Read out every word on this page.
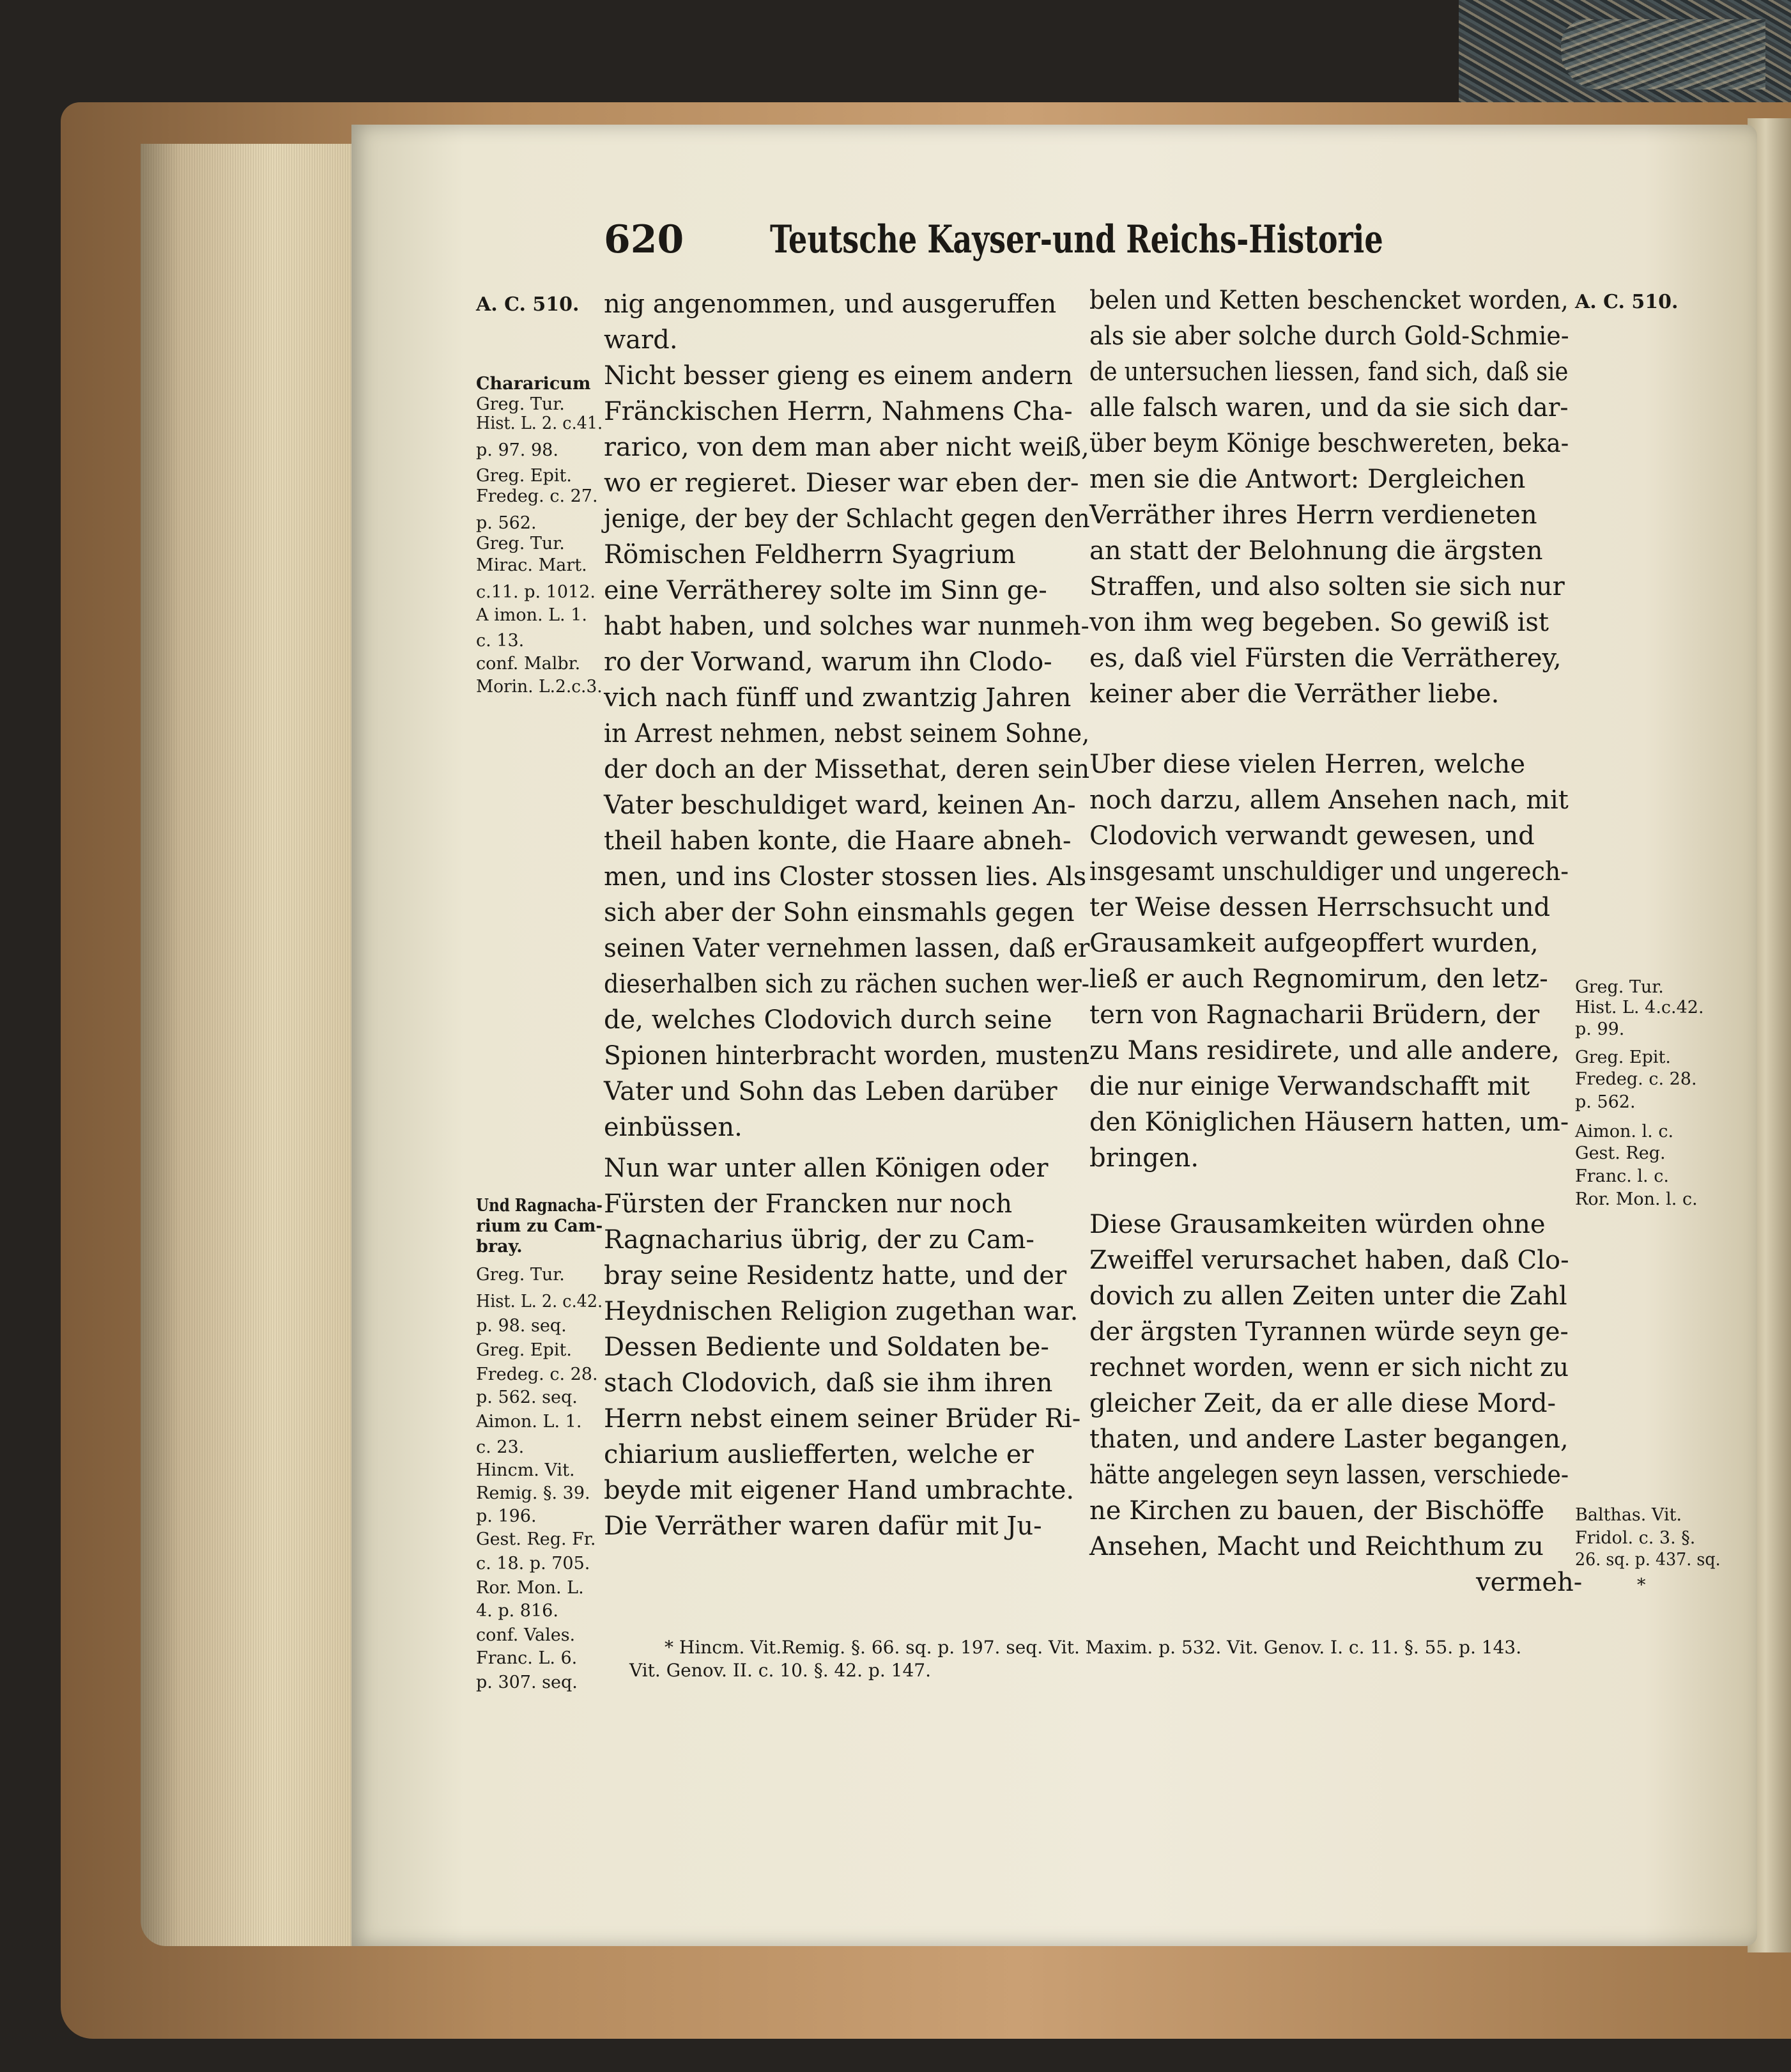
620 Teutsche Kayser-und Reichs-Historie
A. C. 510.
Chararicum
Greg. Tur.
Hist. L. 2. c.41.
p. 97. 98.
Greg. Epit.
Fredeg. c. 27.
p. 562.
Greg. Tur.
Mirac. Mart.
c.11. p. 1012.
A imon. L. 1.
c. 13.
conf. Malbr.
Morin. L.2.c.3.
Und Ragnacha-
rium zu Cam-
bray.
Greg. Tur.
Hist. L. 2. c.42.
p. 98. seq.
Greg. Epit.
Fredeg. c. 28.
p. 562. seq.
Aimon. L. 1.
c. 23.
Hincm. Vit.
Remig. §. 39.
p. 196.
Gest. Reg. Fr.
c. 18. p. 705.
Ror. Mon. L.
4. p. 816.
conf. Vales.
Franc. L. 6.
p. 307. seq.
A. C. 510.
Greg. Tur.
Hist. L. 4.c.42.
p. 99.
Greg. Epit.
Fredeg. c. 28.
p. 562.
Aimon. l. c.
Gest. Reg.
Franc. l. c.
Ror. Mon. l. c.
Balthas. Vit.
Fridol. c. 3. §.
26. sq. p. 437. sq.
*
nig angenommen, und ausgeruffen
ward.
Nicht besser gieng es einem andern
Fränckischen Herrn, Nahmens Cha-
rarico, von dem man aber nicht weiß,
wo er regieret. Dieser war eben der-
jenige, der bey der Schlacht gegen den
Römischen Feldherrn Syagrium
eine Verrätherey solte im Sinn ge-
habt haben, und solches war nunmeh-
ro der Vorwand, warum ihn Clodo-
vich nach fünff und zwantzig Jahren
in Arrest nehmen, nebst seinem Sohne,
der doch an der Missethat, deren sein
Vater beschuldiget ward, keinen An-
theil haben konte, die Haare abneh-
men, und ins Closter stossen lies. Als
sich aber der Sohn einsmahls gegen
seinen Vater vernehmen lassen, daß er
dieserhalben sich zu rächen suchen wer-
de, welches Clodovich durch seine
Spionen hinterbracht worden, musten
Vater und Sohn das Leben darüber
einbüssen.
Nun war unter allen Königen oder
Fürsten der Francken nur noch
Ragnacharius übrig, der zu Cam-
bray seine Residentz hatte, und der
Heydnischen Religion zugethan war.
Dessen Bediente und Soldaten be-
stach Clodovich, daß sie ihm ihren
Herrn nebst einem seiner Brüder Ri-
chiarium auslieffertеn, welche er
beyde mit eigener Hand umbrachte.
Die Verräther waren dafür mit Ju-
belen und Ketten beschencket worden,
als sie aber solche durch Gold-Schmie-
de untersuchen liessen, fand sich, daß sie
alle falsch waren, und da sie sich dar-
über beym Könige beschwereten, beka-
men sie die Antwort: Dergleichen
Verräther ihres Herrn verdieneten
an statt der Belohnung die ärgsten
Straffen, und also solten sie sich nur
von ihm weg begeben. So gewiß ist
es, daß viel Fürsten die Verrätherey,
keiner aber die Verräther liebe.
Uber diese vielen Herren, welche
noch darzu, allem Ansehen nach, mit
Clodovich verwandt gewesen, und
insgesamt unschuldiger und ungerech-
ter Weise dessen Herrschsucht und
Grausamkeit aufgeopffert wurden,
ließ er auch Regnomirum, den letz-
tern von Ragnacharii Brüdern, der
zu Mans residirete, und alle andere,
die nur einige Verwandschafft mit
den Königlichen Häusern hatten, um-
bringen.
Diese Grausamkeiten würden ohne
Zweiffel verursachet haben, daß Clo-
dovich zu allen Zeiten unter die Zahl
der ärgsten Tyrannen würde seyn ge-
rechnet worden, wenn er sich nicht zu
gleicher Zeit, da er alle diese Mord-
thaten, und andere Laster begangen,
hätte angelegen seyn lassen, verschiede-
ne Kirchen zu bauen, der Bischöffe
Ansehen, Macht und Reichthum zu
vermeh-
* Hincm. Vit.Remig. §. 66. sq. p. 197. seq. Vit. Maxim. p. 532. Vit. Genov. I. c. 11. §. 55. p. 143.
Vit. Genov. II. c. 10. §. 42. p. 147.
